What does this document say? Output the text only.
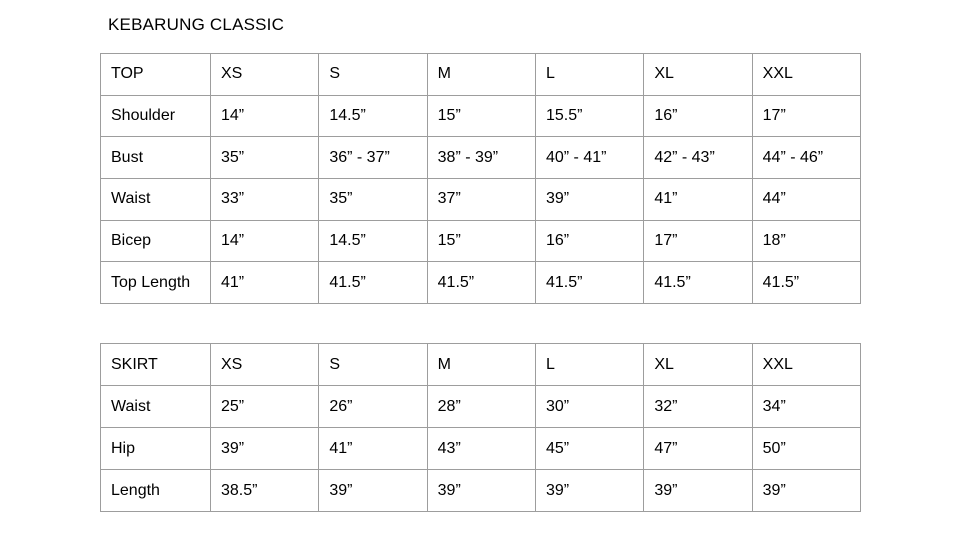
KEBARUNG CLASSIC
TOP	XS	S	M	L	XL	XXL
Shoulder	14”	14.5”	15”	15.5”	16”	17”
Bust	35”	36” - 37”	38” - 39”	40” - 41”	42” - 43”	44” - 46”
Waist	33”	35”	37”	39”	41”	44”
Bicep	14”	14.5”	15”	16”	17”	18”
Top Length	41”	41.5”	41.5”	41.5”	41.5”	41.5”
SKIRT	XS	S	M	L	XL	XXL
Waist	25”	26”	28”	30”	32”	34”
Hip	39”	41”	43”	45”	47”	50”
Length	38.5”	39”	39”	39”	39”	39”
